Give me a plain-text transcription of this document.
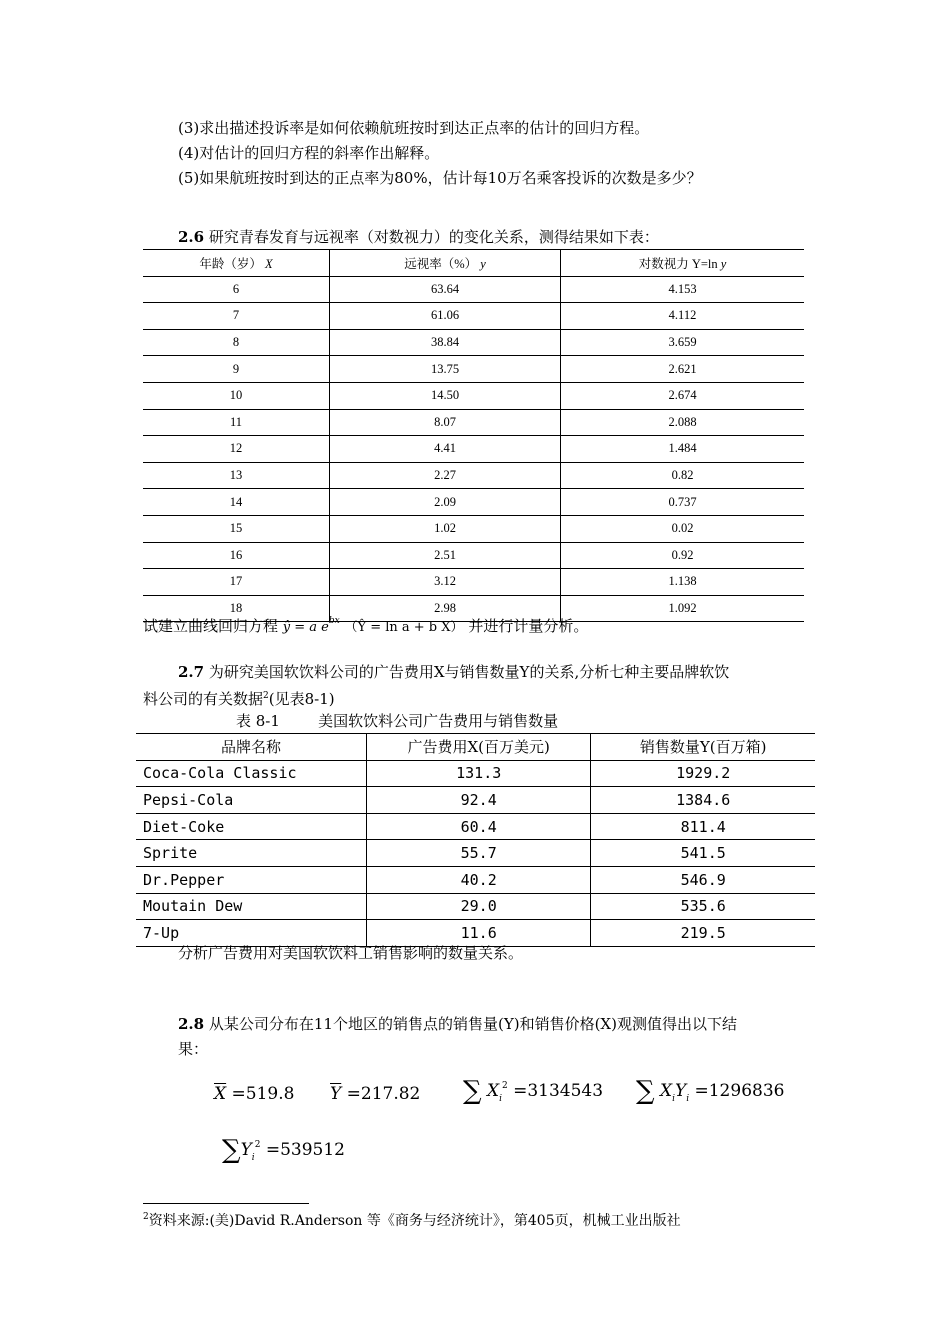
(3)求出描述投诉率是如何依赖航班按时到达正点率的估计的回归方程。
(4)对估计的回归方程的斜率作出解释。
(5)如果航班按时到达的正点率为80%，估计每10万名乘客投诉的次数是多少？
2.6 研究青春发育与远视率（对数视力）的变化关系，测得结果如下表：
年龄（岁） X	远视率（%） y	对数视力 Y=ln y
6	63.64	4.153
7	61.06	4.112
8	38.84	3.659
9	13.75	2.621
10	14.50	2.674
11	8.07	2.088
12	4.41	1.484
13	2.27	0.82
14	2.09	0.737
15	1.02	0.02
16	2.51	0.92
17	3.12	1.138
18	2.98	1.092
试建立曲线回归方程 ŷ = a $e^{bx}$ （Ŷ = ln a + b X） 并进行计量分析。
2.7 为研究美国软饮料公司的广告费用X与销售数量Y的关系,分析七种主要品牌软饮
料公司的有关数据$^2$(见表8-1)
表 8-1        美国软饮料公司广告费用与销售数量
品牌名称	广告费用X(百万美元)	销售数量Y(百万箱)
Coca-Cola Classic	131.3	1929.2
Pepsi-Cola	92.4	1384.6
Diet-Coke	60.4	811.4
Sprite	55.7	541.5
Dr.Pepper	40.2	546.9
Moutain Dew	29.0	535.6
7-Up	11.6	219.5
分析广告费用对美国软饮料工销售影响的数量关系。
2.8 从某公司分布在11个地区的销售点的销售量(Y)和销售价格(X)观测值得出以下结
果：
$\overline{X} =519.8$ $\overline{Y} =217.82$ ∑ $X_i^2 =3134543$ ∑ $X_iY_i =1296836$
$\sum Y_i^2 =539512$
$^2$资料来源:(美)David R.Anderson 等《商务与经济统计》，第405页，机械工业出版社
